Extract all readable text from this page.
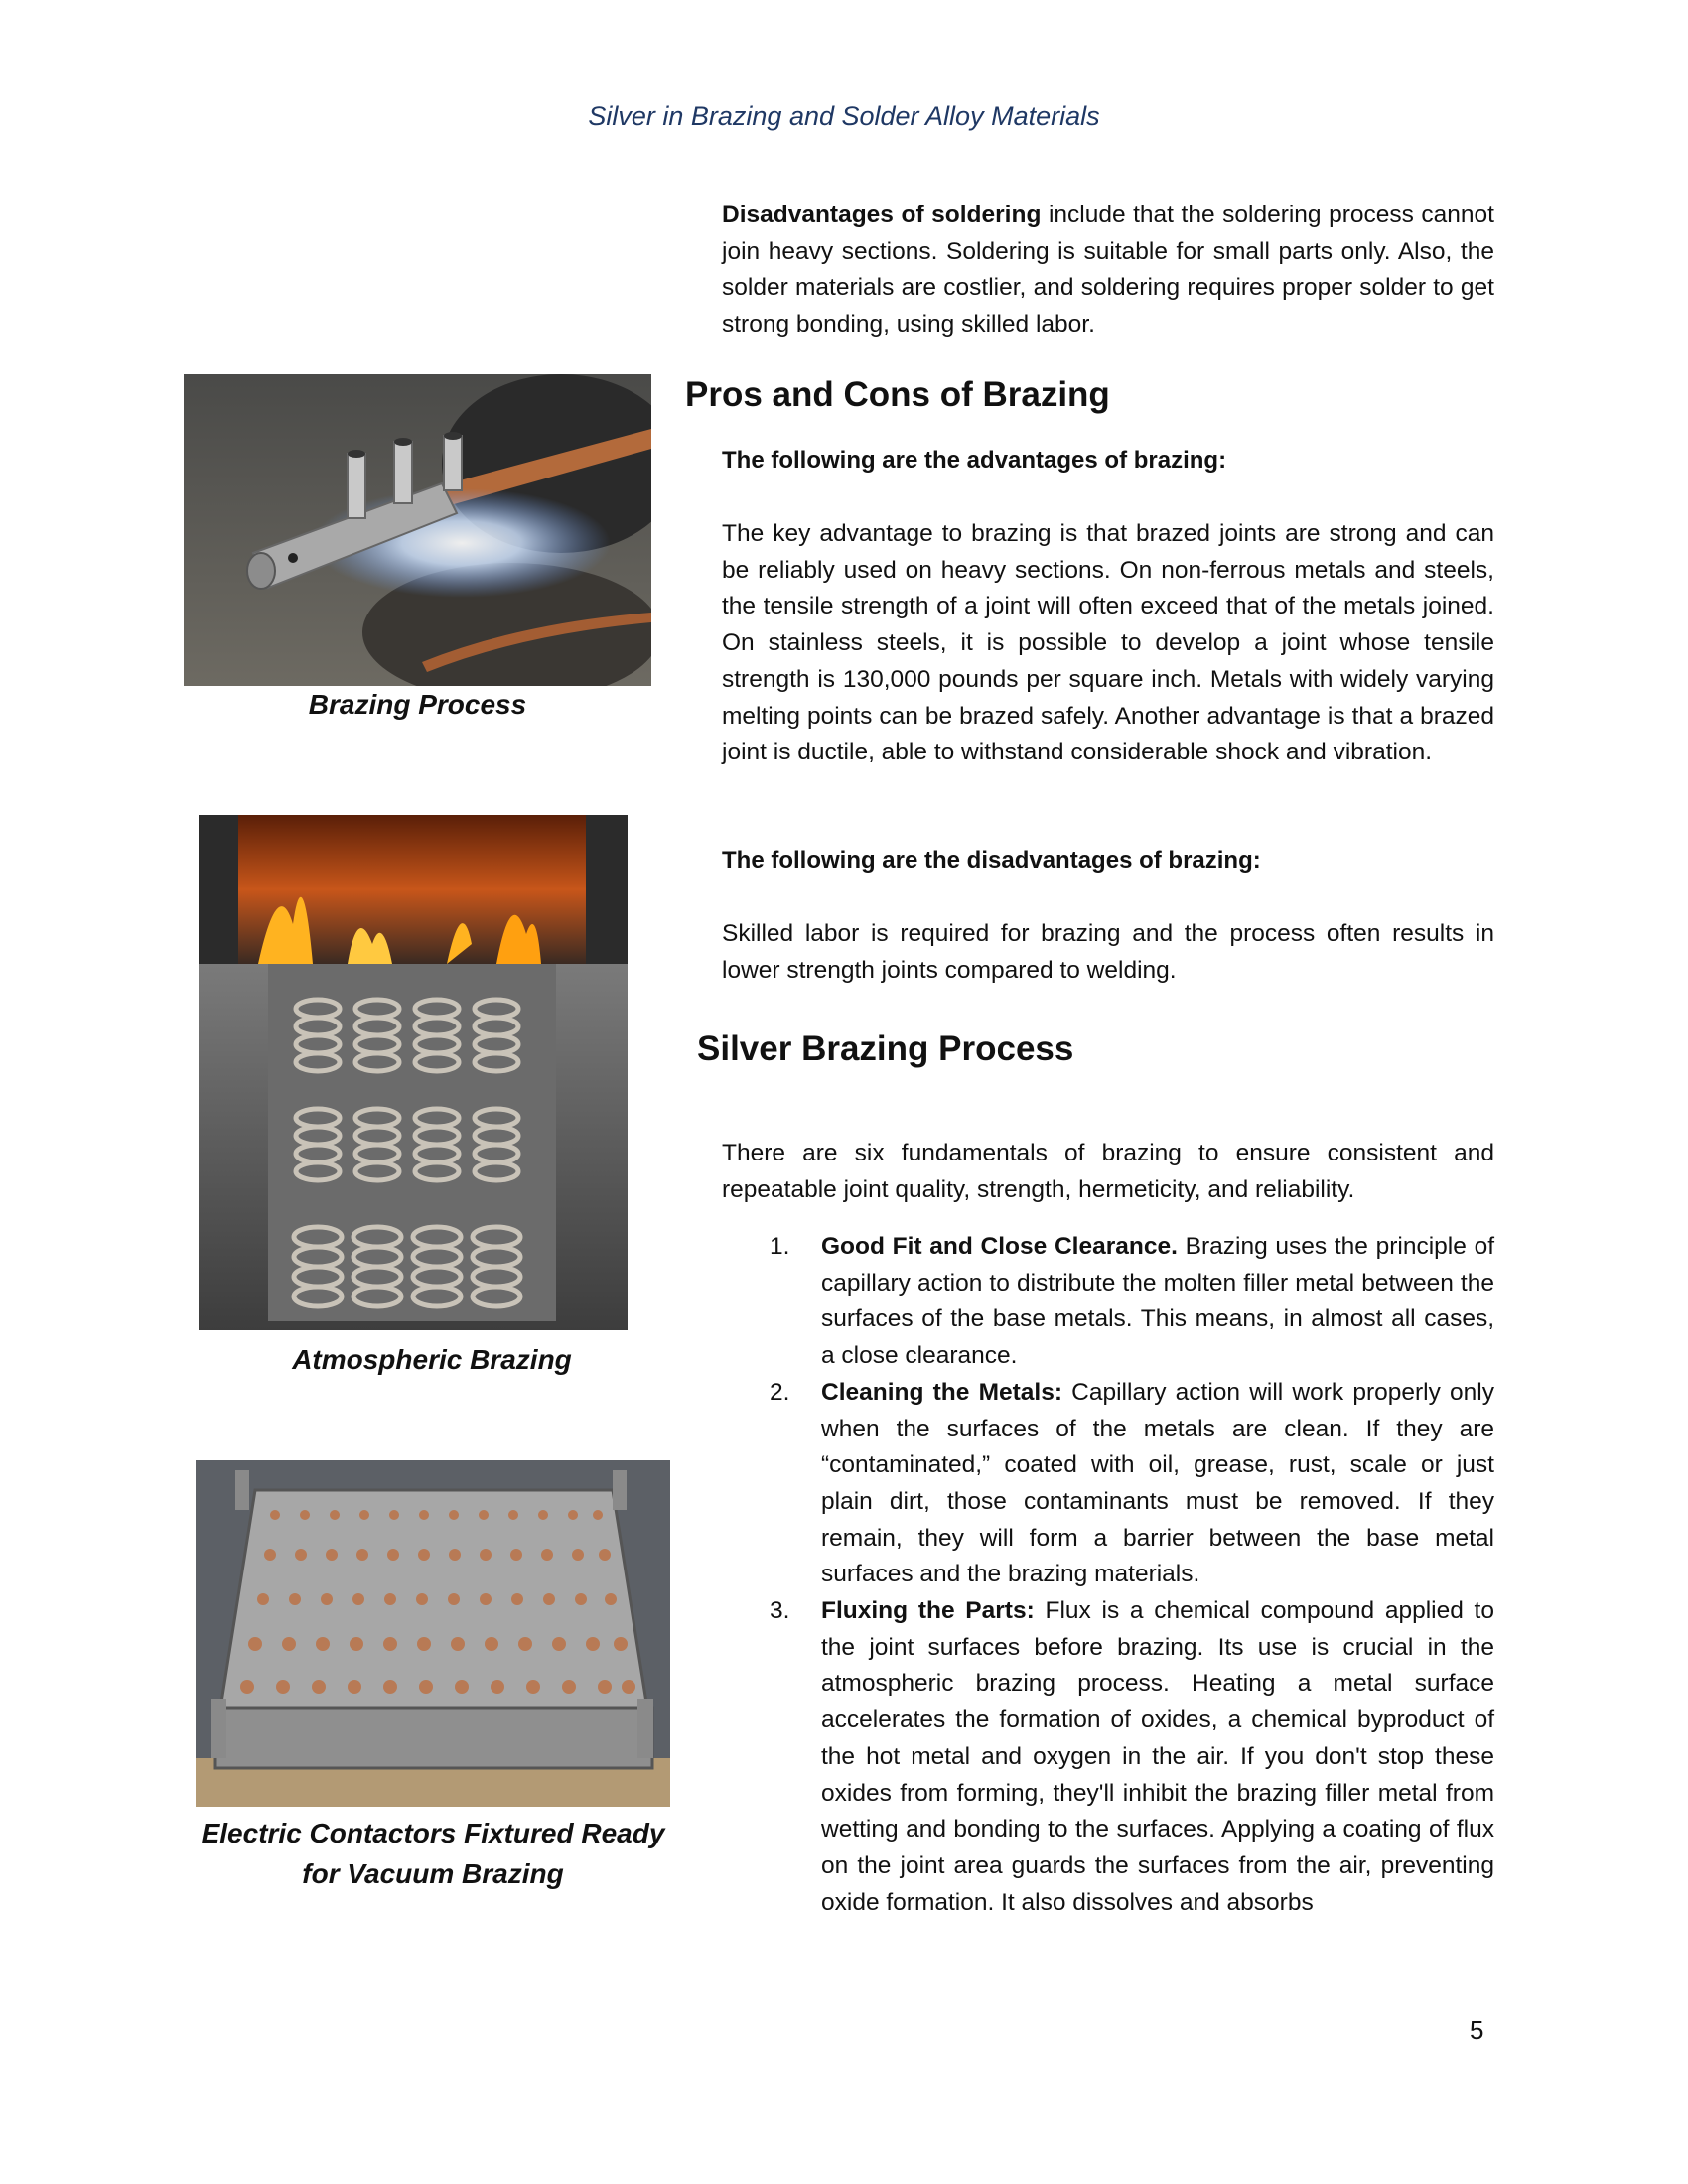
Silver in Brazing and Solder Alloy Materials

Disadvantages of soldering include that the soldering process cannot join heavy sections. Soldering is suitable for small parts only. Also, the solder materials are costlier, and soldering requires proper solder to get strong bonding, using skilled labor.

Pros and Cons of Brazing
The following are the advantages of brazing:

The key advantage to brazing is that brazed joints are strong and can be reliably used on heavy sections. On non-ferrous metals and steels, the tensile strength of a joint will often exceed that of the metals joined. On stainless steels, it is possible to develop a joint whose tensile strength is 130,000 pounds per square inch. Metals with widely varying melting points can be brazed safely. Another advantage is that a brazed joint is ductile, able to withstand considerable shock and vibration.

The following are the disadvantages of brazing:

Skilled labor is required for brazing and the process often results in lower strength joints compared to welding.

Silver Brazing Process

There are six fundamentals of brazing to ensure consistent and repeatable joint quality, strength, hermeticity, and reliability.

1. Good Fit and Close Clearance. Brazing uses the principle of capillary action to distribute the molten filler metal between the surfaces of the base metals. This means, in almost all cases, a close clearance.
2. Cleaning the Metals: Capillary action will work properly only when the surfaces of the metals are clean. If they are “contaminated,” coated with oil, grease, rust, scale or just plain dirt, those contaminants must be removed. If they remain, they will form a barrier between the base metal surfaces and the brazing materials.
3. Fluxing the Parts: Flux is a chemical compound applied to the joint surfaces before brazing. Its use is crucial in the atmospheric brazing process. Heating a metal surface accelerates the formation of oxides, a chemical byproduct of the hot metal and oxygen in the air. If you don't stop these oxides from forming, they'll inhibit the brazing filler metal from wetting and bonding to the surfaces. Applying a coating of flux on the joint area guards the surfaces from the air, preventing oxide formation. It also dissolves and absorbs
Brazing Process
Atmospheric Brazing
Electric Contactors Fixtured Ready
for Vacuum Brazing
5
